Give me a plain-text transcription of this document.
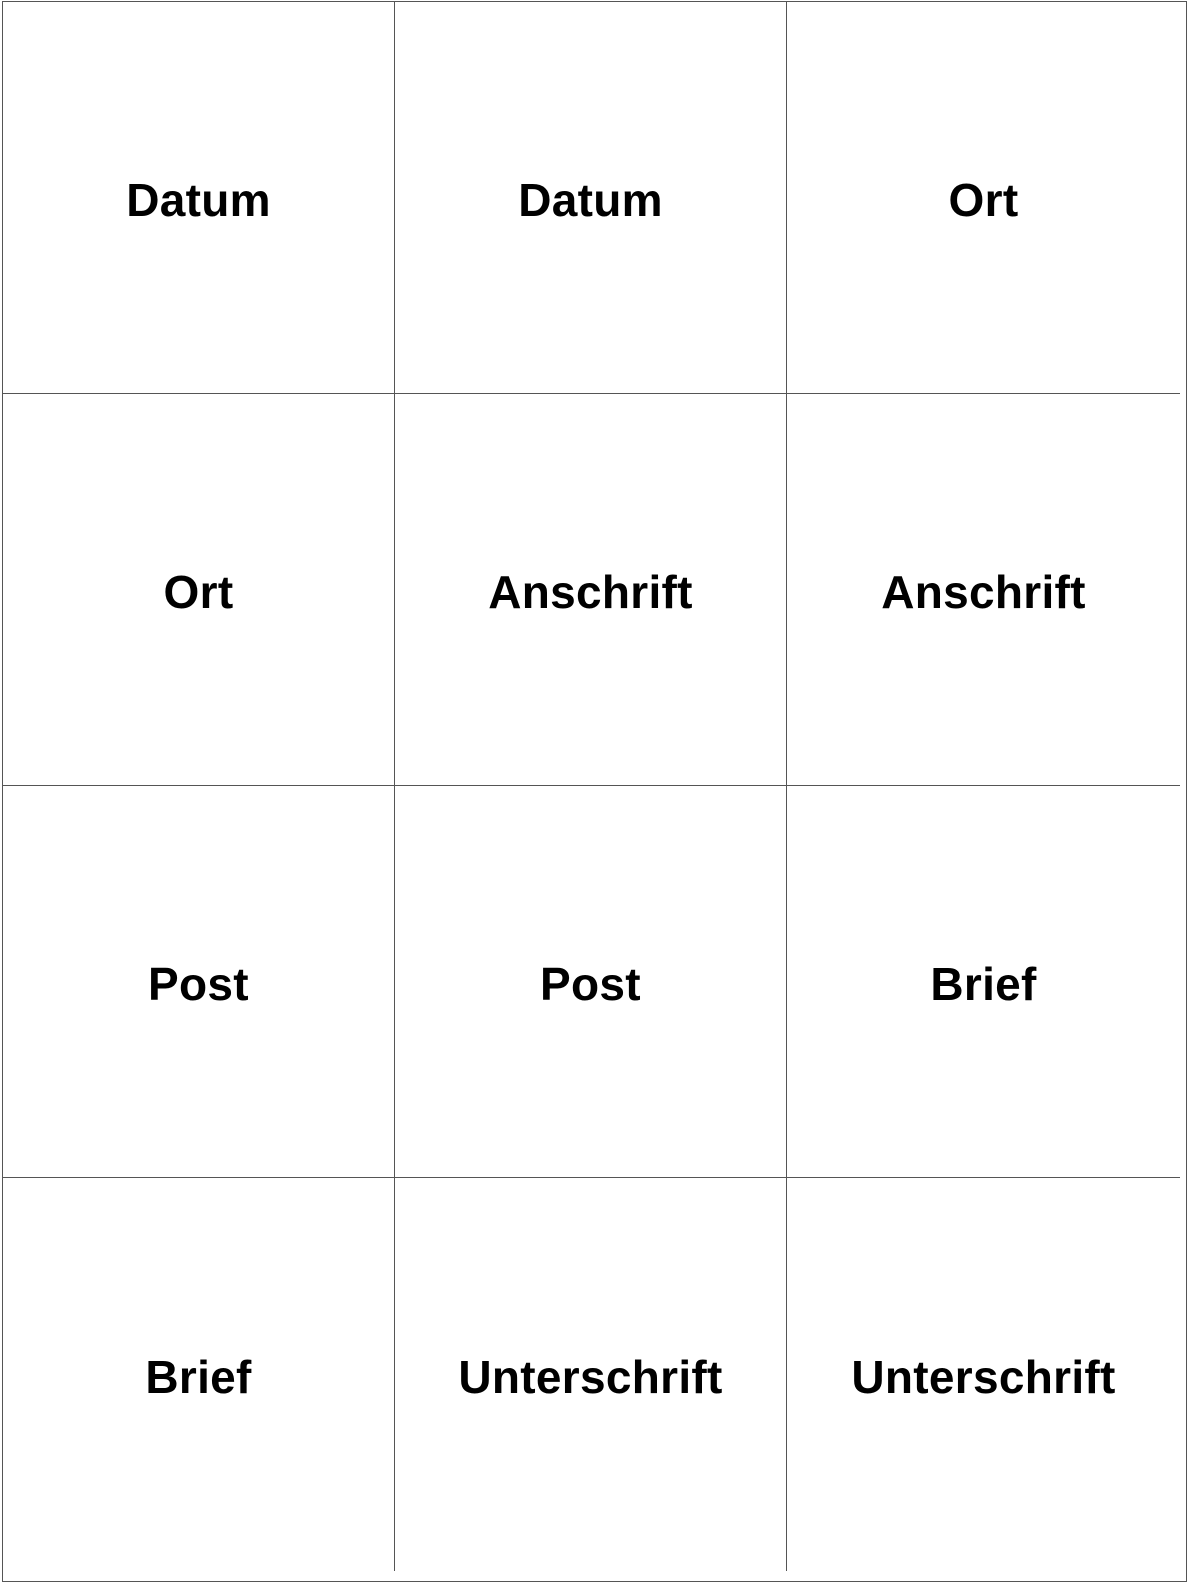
Datum	Datum	Ort
Ort	Anschrift	Anschrift
Post	Post	Brief
Brief	Unterschrift	Unterschrift
